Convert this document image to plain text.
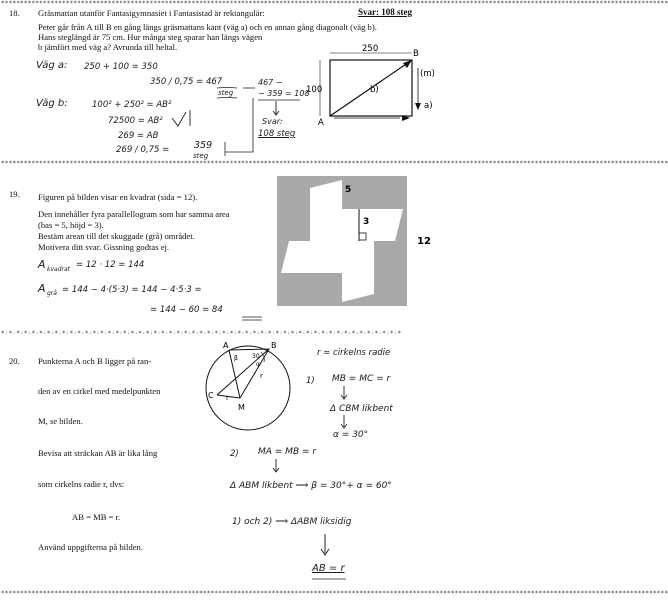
*******************************************************************************************************************************************************************************
18. Gräsmattan utanför Fantasigymnasiet i Fantasistad är rektangulär:	Svar: 108 steg
Peter går från A till B en gång längs gräsmattans kant (väg a) och en annan gång diagonalt (väg b).
Hans steglängd är 75 cm. Hur många steg sparar han längs vägen
b jämfört med väg a? Avrunda till heltal.	250
100	b)
a)
(m)
A
B
Väg a: 250 + 100 = 350
350 / 0,75 = 467
steg
Väg b:	100² + 250² = AB²
72500 = AB²
269 = AB
269 / 0,75 =	359
steg
467 −
− 359 = 108
Svar:
108 steg
*******************************************************************************************************************************************************************************
19. Figuren på bilden visar en kvadrat (sida = 12).
Den innehåller fyra parallellogram som har samma area
(bas = 5, höjd = 3).
Bestäm arean till det skuggade (grå) området.
Motivera ditt svar. Gissning godtas ej.
5
3
12
A kvadrat = 12 · 12 = 144
A grå = 144 − 4·(5·3) = 144 − 4·5·3 =
= 144 − 60 = 84
*·*·*·*·*·*·*·*·*·*·*·*·*·*·*·*·*·*·*·*·*·*·*·*·*·*·*·*·*·*·*·*·*·*·*·*·*·*·*·*·*·*·*·*·*·*·*·*·*·*·*·*·*
20. Punkterna A och B ligger på ran-
den av en cirkel med medelpunkten
M, se bilden.
Bevisa att sträckan AB är lika lång
som cirkelns radie r, dvs:
AB = MB = r.
Använd uppgifterna på bilden.
A	B
C
M
r
30
α
β
r
r = cirkelns radie
1) MB = MC = r
Δ CBM likbent
α = 30°
2) MA = MB = r
Δ ABM likbent ⟹ β = 30°+ α = 60°
1) och 2) ⟹ ΔABM liksidig
AB = r
*******************************************************************************************************************************************************************************
